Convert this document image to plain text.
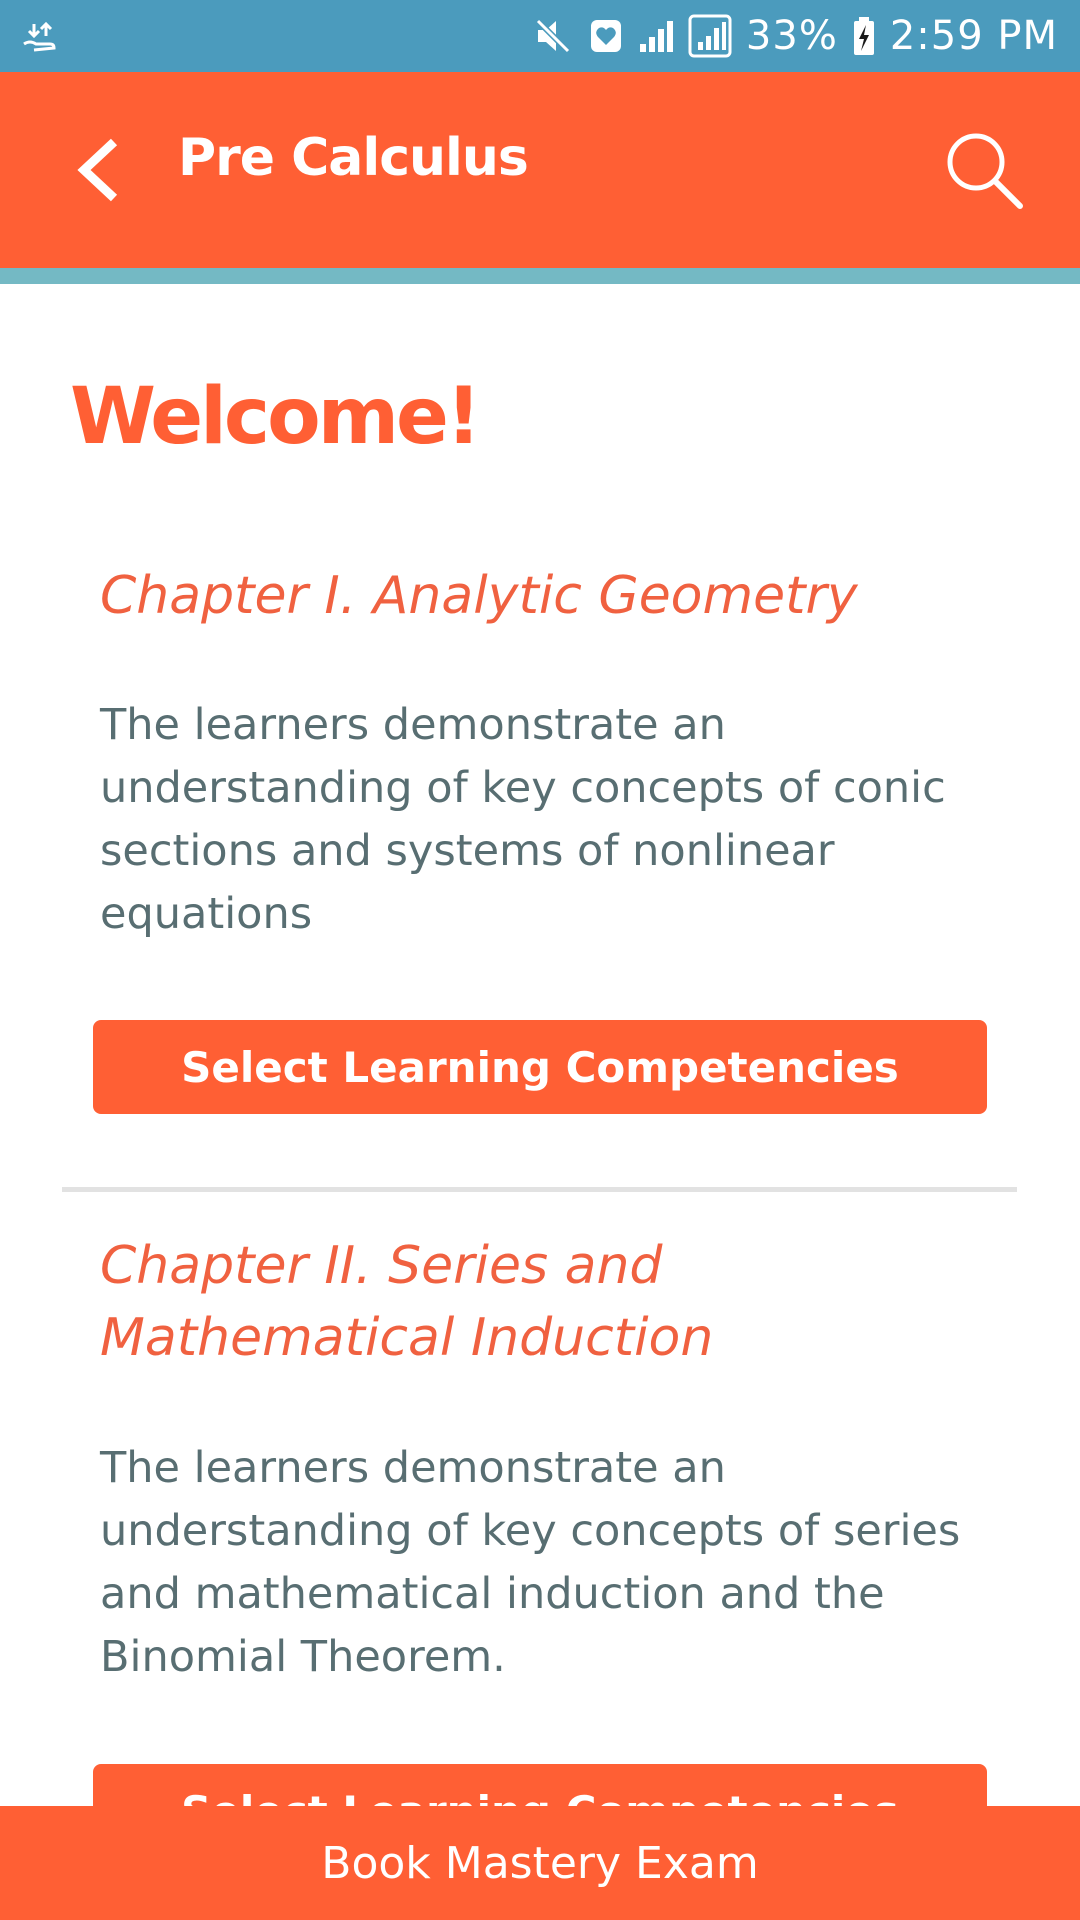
33% 2:59 PM
Pre Calculus
Welcome!
Chapter I. Analytic Geometry
The learners demonstrate an understanding of key concepts of conic sections and systems of nonlinear equations
Select Learning Competencies
Chapter II. Series and Mathematical Induction
The learners demonstrate an understanding of key concepts of series and mathematical induction and the Binomial Theorem.
Book Mastery Exam
